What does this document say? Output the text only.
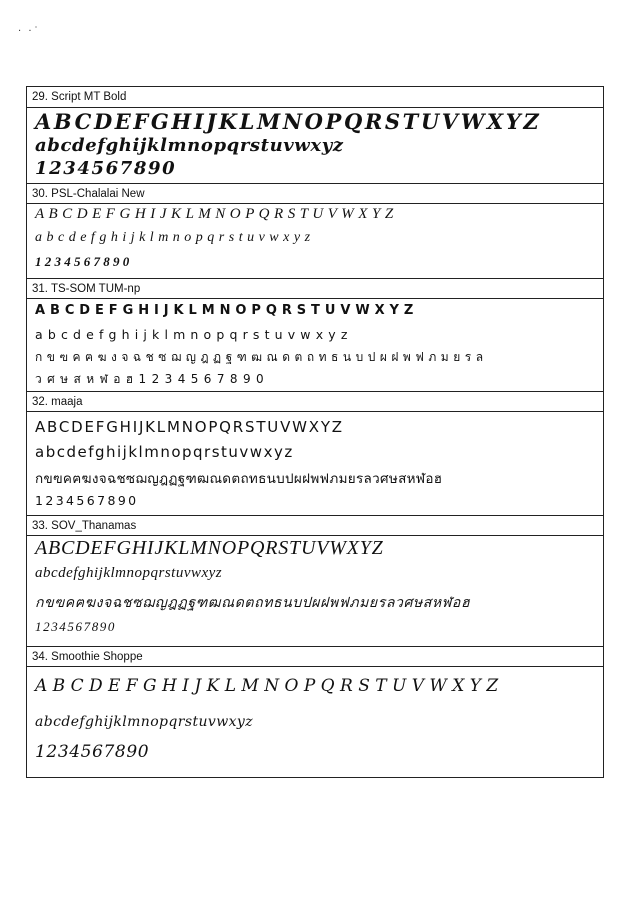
· ·˙
29. Script MT Bold
ABCDEFGHIJKLMNOPQRSTUVWXYZ
abcdefghijklmnopqrstuvwxyz
1234567890
30. PSL-Chalalai New
A B C D E F G H I J K L M N O P Q R S T U V W X Y Z
a b c d e f g h i j k l m n o p q r s t u v w x y z
1 2 3 4 5 6 7 8 9 0
31. TS-SOM TUM-np
A B C D E F G H I J K L M N O P Q R S T U V W X Y Z
a b c d e f g h i j k l m n o p q r s t u v w x y z
ก ข ฃ ค ฅ ฆ ง จ ฉ ช ซ ฌ ญ ฎ ฏ ฐ ฑ ฒ ณ ด ต ถ ท ธ น บ ป ผ ฝ พ ฟ ภ ม ย ร ล
ว ศ ษ ส ห ฬ อ ฮ 1 2 3 4 5 6 7 8 9 0
32. maaja
ABCDEFGHIJKLMNOPQRSTUVWXYZ
abcdefghijklmnopqrstuvwxyz
กขฃคฅฆงจฉชซฌญฎฏฐฑฒณดตถทธนบปผฝพฟภมยรลวศษสหฬอฮ
1234567890
33. SOV_Thanamas
ABCDEFGHIJKLMNOPQRSTUVWXYZ
abcdefghijklmnopqrstuvwxyz
กขฃคฅฆงจฉชซฌญฎฏฐฑฒณดตถทธนบปผฝพฟภมยรลวศษสหฬอฮ
1234567890
34. Smoothie Shoppe
A B C D E F G H I J K L M N O P Q R S T U V W X Y Z
abcdefghijklmnopqrstuvwxyz
1234567890
